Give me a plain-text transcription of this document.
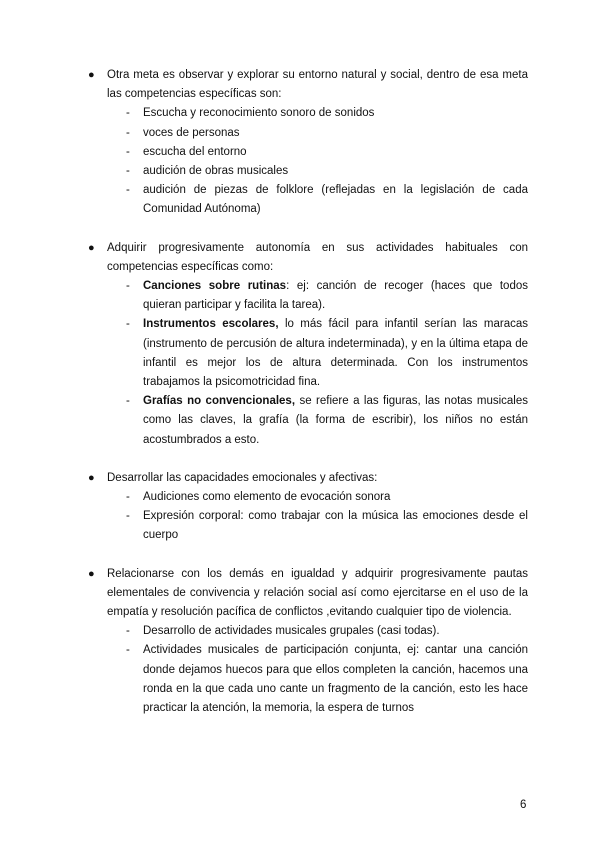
● Otra meta es observar y explorar su entorno natural y social, dentro de esa meta las competencias específicas son:

- Escucha y reconocimiento sonoro de sonidos
- voces de personas
- escucha del entorno
- audición de obras musicales
- audición de piezas de folklore (reflejadas en la legislación de cada Comunidad Autónoma)
● Adquirir progresivamente autonomía en sus actividades habituales con competencias específicas como:

- Canciones sobre rutinas: ej: canción de recoger (haces que todos quieran participar y facilita la tarea).
- Instrumentos escolares, lo más fácil para infantil serían las maracas (instrumento de percusión de altura indeterminada), y en la última etapa de infantil es mejor los de altura determinada. Con los instrumentos trabajamos la psicomotricidad fina.
- Grafías no convencionales, se refiere a las figuras, las notas musicales como las claves, la grafía (la forma de escribir), los niños no están acostumbrados a esto.
● Desarrollar las capacidades emocionales y afectivas:

- Audiciones como elemento de evocación sonora
- Expresión corporal: como trabajar con la música las emociones desde el cuerpo
● Relacionarse con los demás en igualdad y adquirir progresivamente pautas elementales de convivencia y relación social así como ejercitarse en el uso de la empatía y resolución pacífica de conflictos ,evitando cualquier tipo de violencia.

- Desarrollo de actividades musicales grupales (casi todas).
- Actividades musicales de participación conjunta, ej: cantar una canción donde dejamos huecos para que ellos completen la canción, hacemos una ronda en la que cada uno cante un fragmento de la canción, esto les hace practicar la atención, la memoria, la espera de turnos
6
